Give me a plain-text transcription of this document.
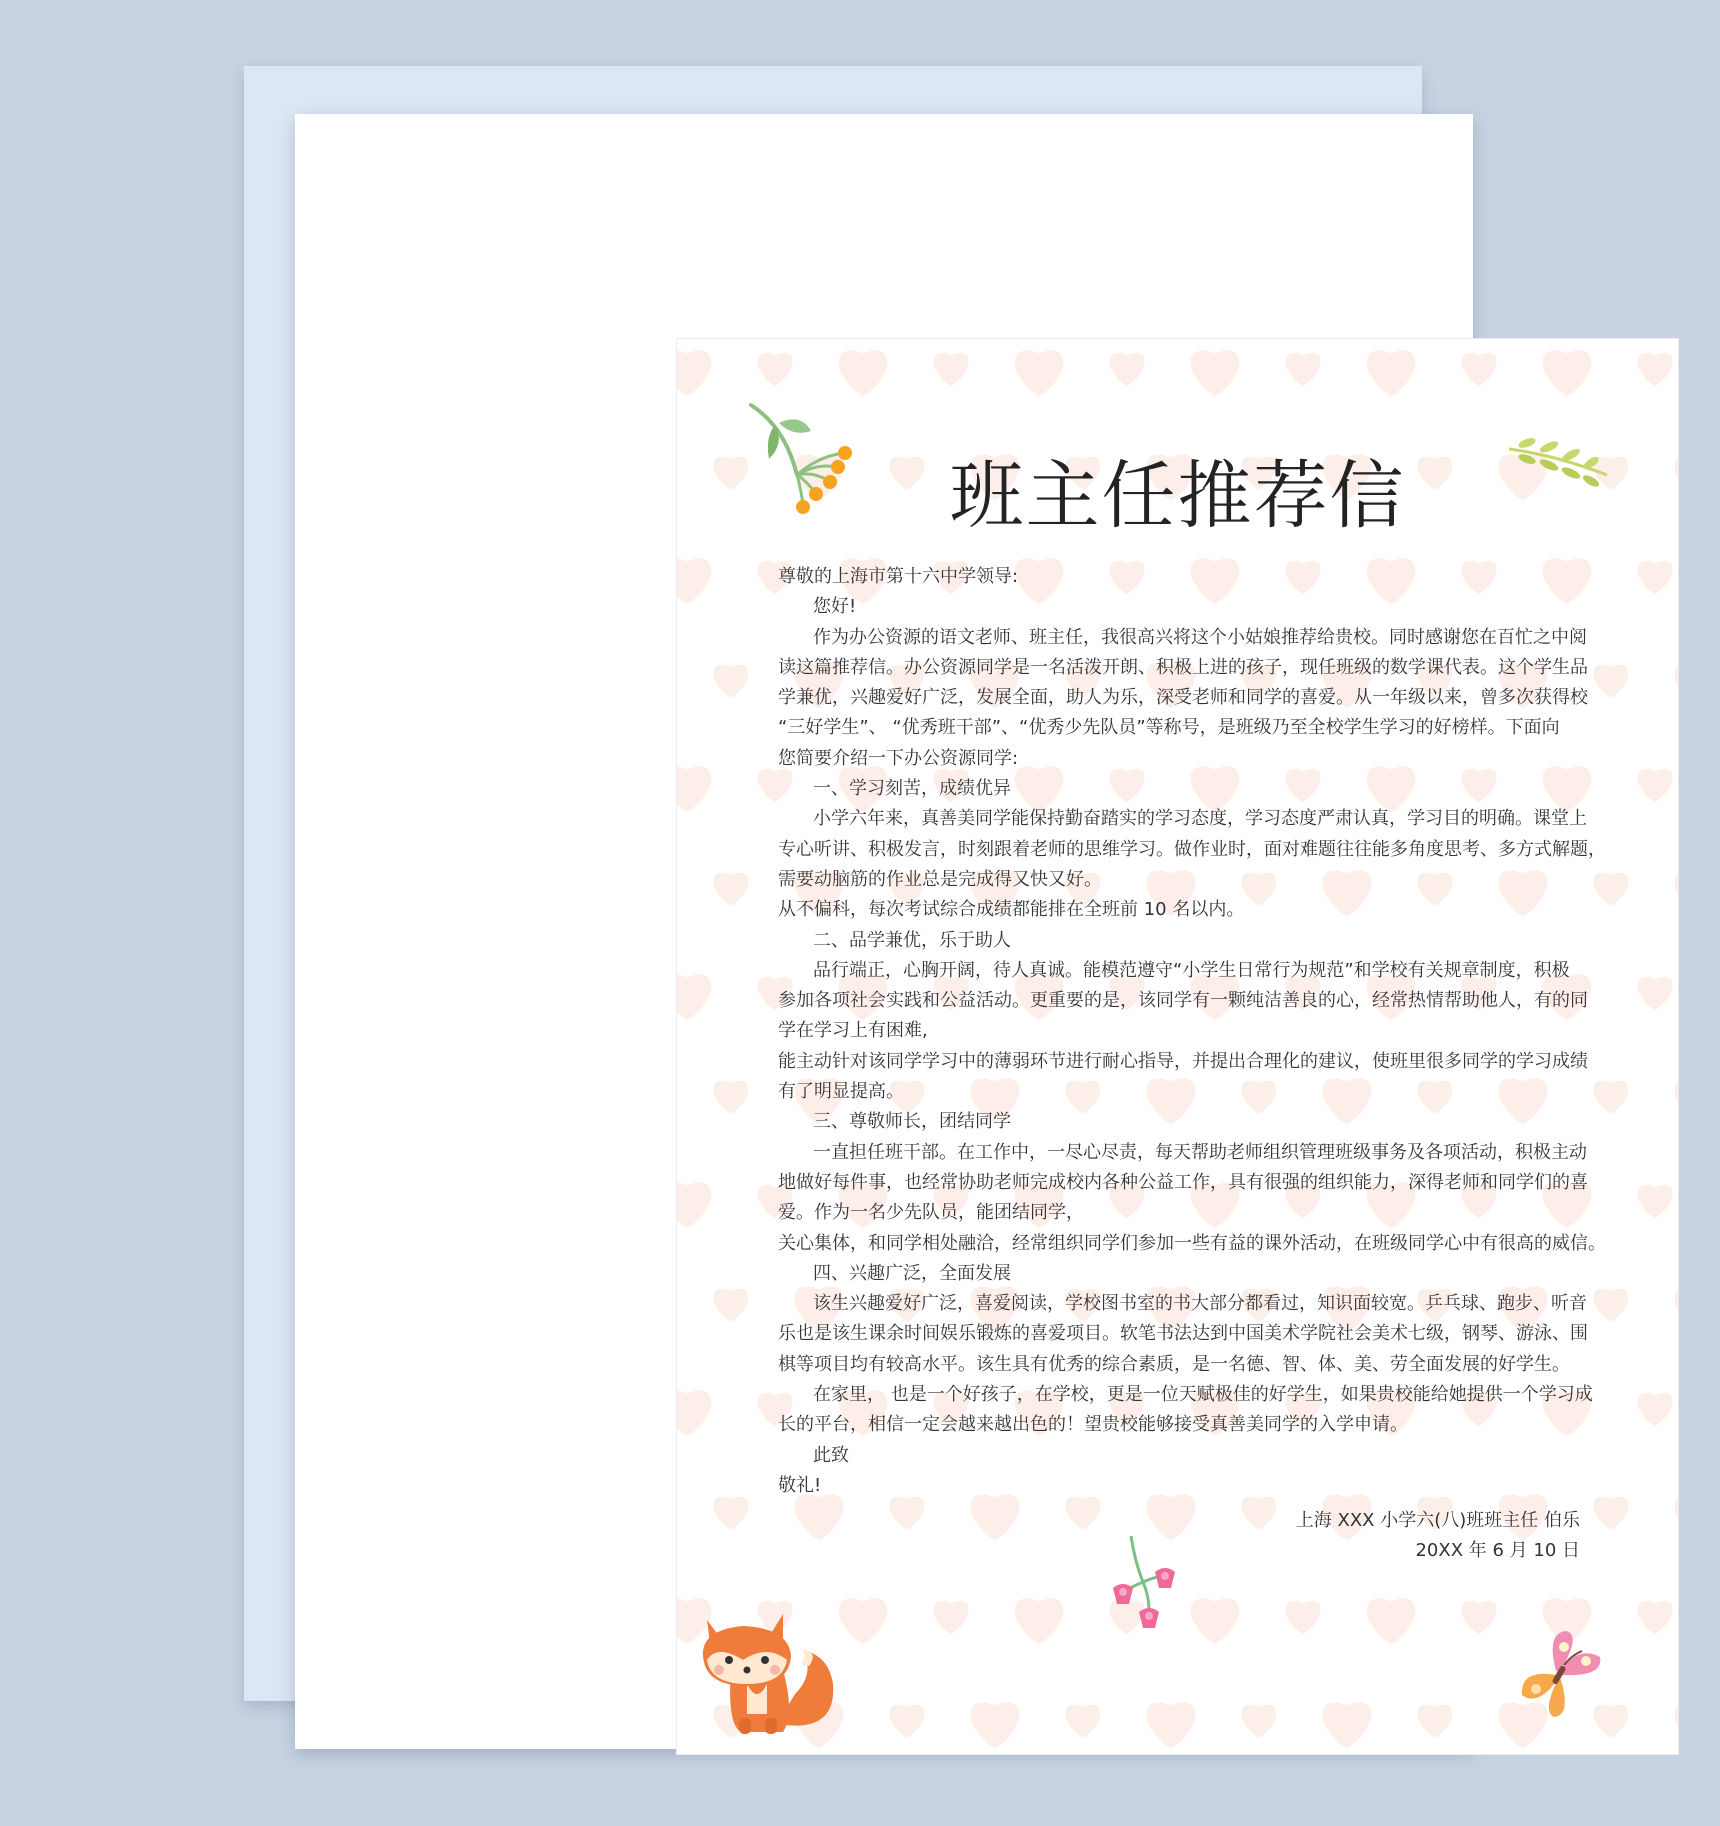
班主任推荐信

尊敬的上海市第十六中学领导:

您好!

作为办公资源的语文老师、班主任，我很高兴将这个小姑娘推荐给贵校。同时感谢您在百忙之中阅

读这篇推荐信。办公资源同学是一名活泼开朗、积极上进的孩子，现任班级的数学课代表。这个学生品

学兼优，兴趣爱好广泛，发展全面，助人为乐，深受老师和同学的喜爱。从一年级以来，曾多次获得校

“三好学生”、 “优秀班干部”、“优秀少先队员”等称号，是班级乃至全校学生学习的好榜样。下面向

您简要介绍一下办公资源同学:

一、学习刻苦，成绩优异

小学六年来，真善美同学能保持勤奋踏实的学习态度，学习态度严肃认真，学习目的明确。课堂上

专心听讲、积极发言，时刻跟着老师的思维学习。做作业时，面对难题往往能多角度思考、多方式解题，

需要动脑筋的作业总是完成得又快又好。

从不偏科，每次考试综合成绩都能排在全班前 10 名以内。

二、品学兼优，乐于助人

品行端正，心胸开阔，待人真诚。能模范遵守“小学生日常行为规范”和学校有关规章制度，积极

参加各项社会实践和公益活动。更重要的是，该同学有一颗纯洁善良的心，经常热情帮助他人，有的同

学在学习上有困难,

能主动针对该同学学习中的薄弱环节进行耐心指导，并提出合理化的建议，使班里很多同学的学习成绩

有了明显提高。

三、尊敬师长，团结同学

一直担任班干部。在工作中，一尽心尽责，每天帮助老师组织管理班级事务及各项活动，积极主动

地做好每件事，也经常协助老师完成校内各种公益工作，具有很强的组织能力，深得老师和同学们的喜

爱。作为一名少先队员，能团结同学，

关心集体，和同学相处融洽，经常组织同学们参加一些有益的课外活动，在班级同学心中有很高的威信。

四、兴趣广泛，全面发展

该生兴趣爱好广泛，喜爱阅读，学校图书室的书大部分都看过，知识面较宽。乒乓球、跑步、听音

乐也是该生课余时间娱乐锻炼的喜爱项目。软笔书法达到中国美术学院社会美术七级，钢琴、游泳、围

棋等项目均有较高水平。该生具有优秀的综合素质，是一名德、智、体、美、劳全面发展的好学生。

在家里， 也是一个好孩子，在学校，更是一位天赋极佳的好学生，如果贵校能给她提供一个学习成

长的平台，相信一定会越来越出色的！望贵校能够接受真善美同学的入学申请。

此致

敬礼!

上海 XXX 小学六(八)班班主任 伯乐

20XX 年 6 月 10 日
